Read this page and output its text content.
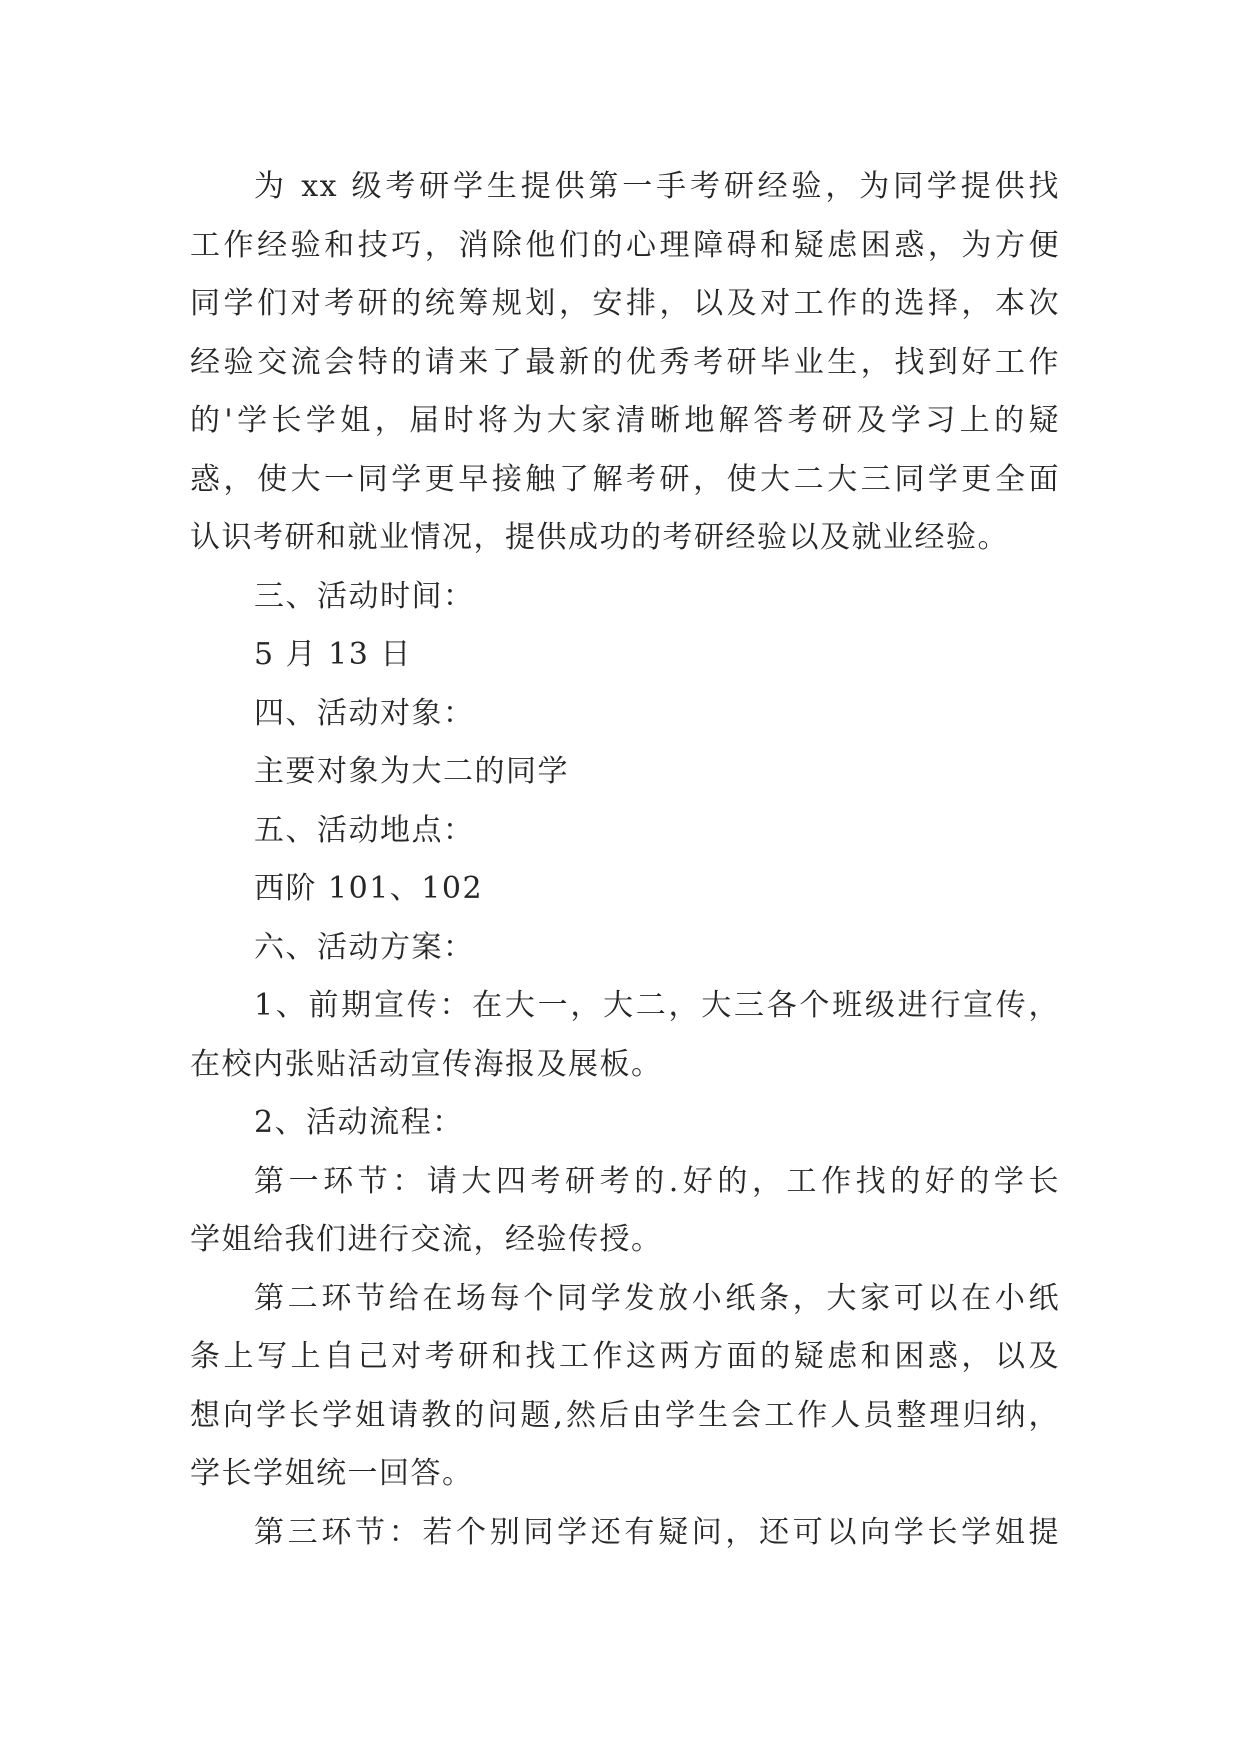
为 xx 级考研学生提供第一手考研经验，为同学提供找
工作经验和技巧，消除他们的心理障碍和疑虑困惑，为方便
同学们对考研的统筹规划，安排，以及对工作的选择，本次
经验交流会特的请来了最新的优秀考研毕业生，找到好工作
的'学长学姐，届时将为大家清晰地解答考研及学习上的疑
惑，使大一同学更早接触了解考研，使大二大三同学更全面
认识考研和就业情况，提供成功的考研经验以及就业经验。
三、活动时间：
5 月 13 日
四、活动对象：
主要对象为大二的同学
五、活动地点：
西阶 101、102
六、活动方案：
1、前期宣传：在大一，大二，大三各个班级进行宣传，
在校内张贴活动宣传海报及展板。
2、活动流程：
第一环节：请大四考研考的.好的，工作找的好的学长
学姐给我们进行交流，经验传授。
第二环节给在场每个同学发放小纸条，大家可以在小纸
条上写上自己对考研和找工作这两方面的疑虑和困惑，以及
想向学长学姐请教的问题,然后由学生会工作人员整理归纳，
学长学姐统一回答。
第三环节：若个别同学还有疑问，还可以向学长学姐提
